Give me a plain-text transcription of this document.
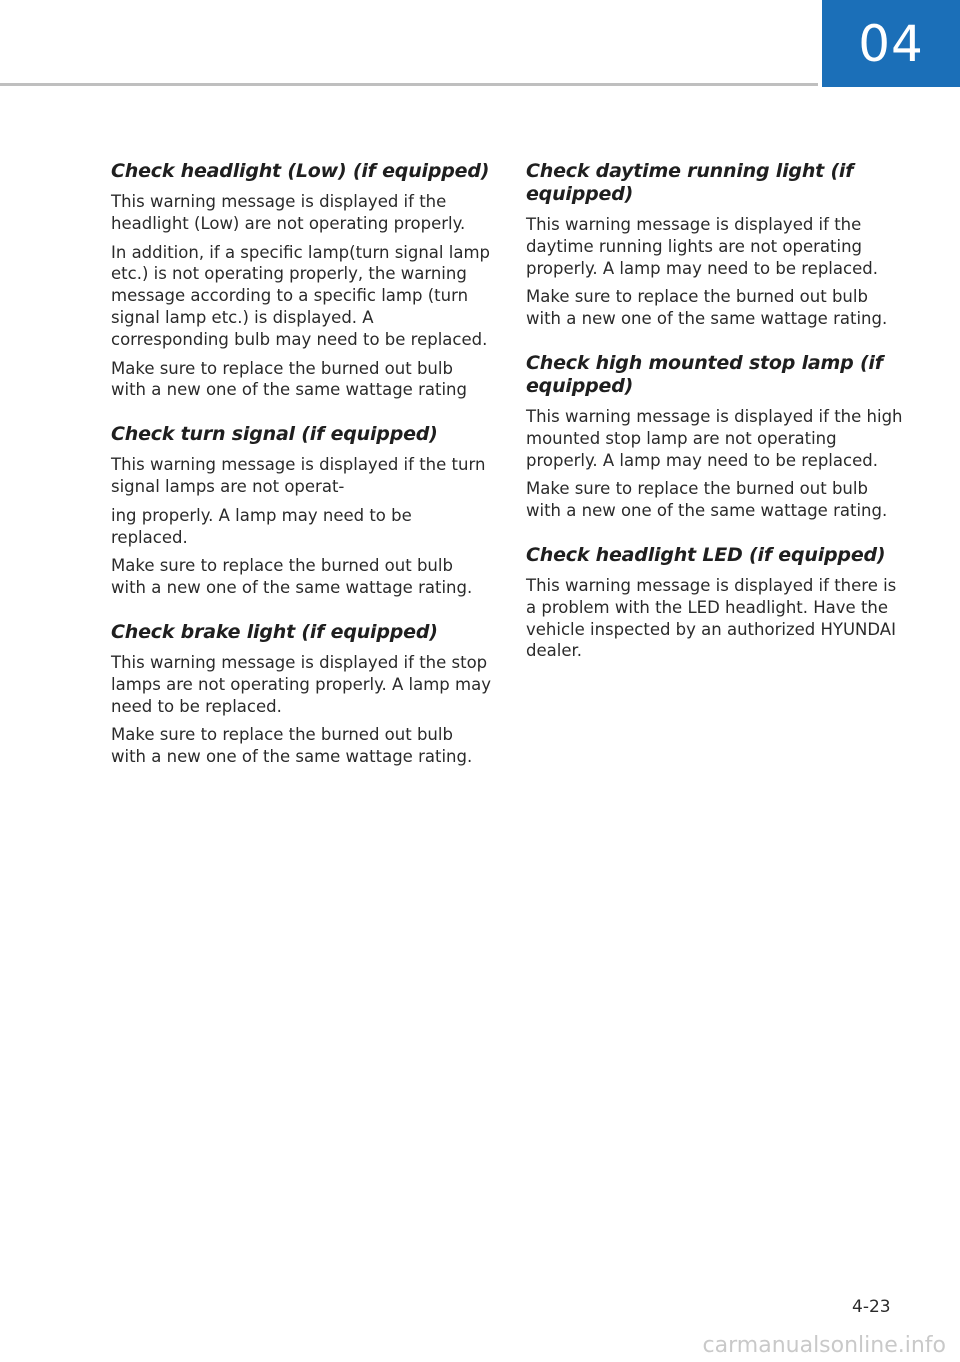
04
Check headlight (Low) (if equipped)

This warning message is displayed if the headlight (Low) are not operating properly.

In addition, if a specific lamp(turn signal lamp etc.) is not operating properly, the warning message according to a specific lamp (turn signal lamp etc.) is displayed. A corresponding bulb may need to be replaced.

Make sure to replace the burned out bulb with a new one of the same wattage rating

Check turn signal (if equipped)

This warning message is displayed if the turn signal lamps are not operat-

ing properly. A lamp may need to be replaced.

Make sure to replace the burned out bulb with a new one of the same wattage rating.

Check brake light (if equipped)

This warning message is displayed if the stop lamps are not operating properly. A lamp may need to be replaced.

Make sure to replace the burned out bulb with a new one of the same wattage rating.

Check daytime running light (if equipped)

This warning message is displayed if the daytime running lights are not operating properly. A lamp may need to be replaced.

Make sure to replace the burned out bulb with a new one of the same wattage rating.

Check high mounted stop lamp (if equipped)

This warning message is displayed if the high mounted stop lamp are not operating properly. A lamp may need to be replaced.

Make sure to replace the burned out bulb with a new one of the same wattage rating.

Check headlight LED (if equipped)

This warning message is displayed if there is a problem with the LED headlight. Have the vehicle inspected by an authorized HYUNDAI dealer.

4-23
carmanualsonline.info
